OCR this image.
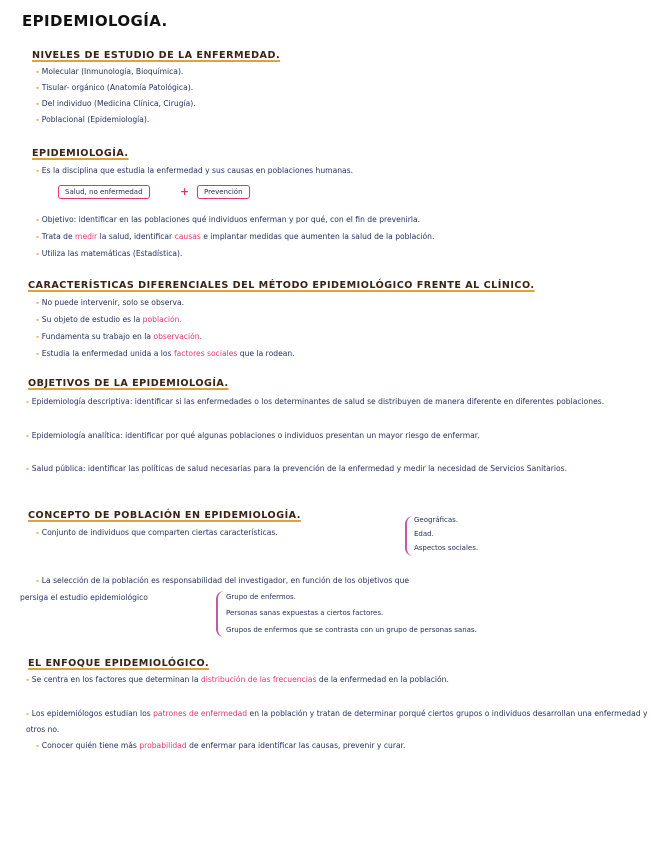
EPIDEMIOLOGÍA.
NIVELES DE ESTUDIO DE LA ENFERMEDAD.
- Molecular (Inmunología, Bioquímica).
- Tisular- orgánico (Anatomía Patológica).
- Del individuo (Medicina Clínica, Cirugía).
- Poblacional (Epidemiología).
EPIDEMIOLOGÍA.
- Es la disciplina que estudia la enfermedad y sus causas en poblaciones humanas.
Salud, no enfermedad	+	Prevención
- Objetivo: identificar en las poblaciones qué individuos enferman y por qué, con el fin de prevenirla.
- Trata de medir la salud, identificar causas e implantar medidas que aumenten la salud de la población.
- Utiliza las matemáticas (Estadística).
CARACTERÍSTICAS DIFERENCIALES DEL MÉTODO EPIDEMIOLÓGICO FRENTE AL CLÍNICO.
- No puede intervenir, solo se observa.
- Su objeto de estudio es la población.
- Fundamenta su trabajo en la observación.
- Estudia la enfermedad unida a los factores sociales que la rodean.
OBJETIVOS DE LA EPIDEMIOLOGÍA.
- Epidemiología descriptiva: identificar si las enfermedades o los determinantes de salud se distribuyen de manera diferente en diferentes poblaciones.
- Epidemiología analítica: identificar por qué algunas poblaciones o individuos presentan un mayor riesgo de enfermar.
- Salud pública: identificar las políticas de salud necesarias para la prevención de la enfermedad y medir la necesidad de Servicios Sanitarios.
CONCEPTO DE POBLACIÓN EN EPIDEMIOLOGÍA.
- Conjunto de individuos que comparten ciertas características.
Geográficas.
Edad.
Aspectos sociales.
- La selección de la población es responsabilidad del investigador, en función de los objetivos que
persiga el estudio epidemiológico	Grupo de enfermos.
Personas sanas expuestas a ciertos factores.
Grupos de enfermos que se contrasta con un grupo de personas sanas.
EL ENFOQUE EPIDEMIOLÓGICO.
- Se centra en los factores que determinan la distribución de las frecuencias de la enfermedad en la población.
- Los epidemiólogos estudian los patrones de enfermedad en la población y tratan de determinar porqué ciertos grupos o individuos desarrollan una enfermedad y otros no.
- Conocer quién tiene más probabilidad de enfermar para identificar las causas, prevenir y curar.
